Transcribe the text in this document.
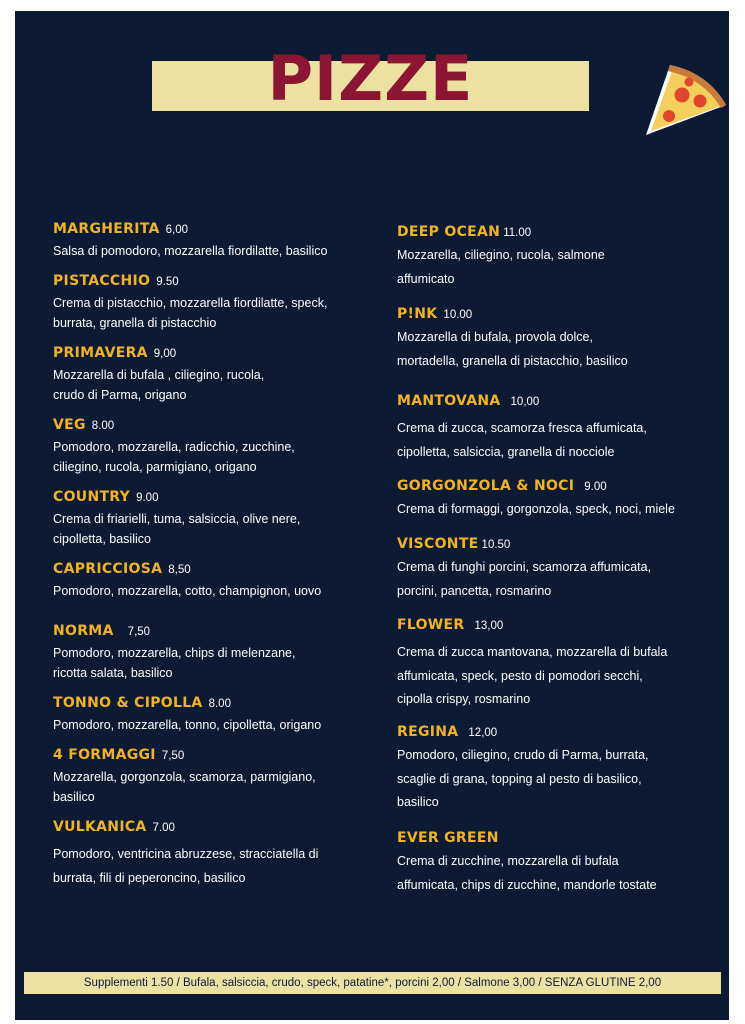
PIZZE
MARGHERITA 6,00
Salsa di pomodoro, mozzarella fiordilatte, basilico
PISTACCHIO 9.50
Crema di pistacchio, mozzarella fiordilatte, speck,
burrata, granella di pistacchio
PRIMAVERA 9,00
Mozzarella di bufala , ciliegino, rucola,
crudo di Parma, origano
VEG 8.00
Pomodoro, mozzarella, radicchio, zucchine,
ciliegino, rucola, parmigiano, origano
COUNTRY 9.00
Crema di friarielli, tuma, salsiccia, olive nere,
cipolletta, basilico
CAPRICCIOSA 8,50
Pomodoro, mozzarella, cotto, champignon, uovo
NORMA 7,50
Pomodoro, mozzarella, chips di melenzane,
ricotta salata, basilico
TONNO & CIPOLLA 8.00
Pomodoro, mozzarella, tonno, cipolletta, origano
4 FORMAGGI 7,50
Mozzarella, gorgonzola, scamorza, parmigiano,
basilico
VULKANICA 7.00
Pomodoro, ventricina abruzzese, stracciatella di
burrata, fili di peperoncino, basilico
DEEP OCEAN 11.00
Mozzarella, ciliegino, rucola, salmone
affumicato
P!NK 10.00
Mozzarella di bufala, provola dolce,
mortadella, granella di pistacchio, basilico
MANTOVANA 10,00
Crema di zucca, scamorza fresca affumicata,
cipolletta, salsiccia, granella di nocciole
GORGONZOLA & NOCI 9.00
Crema di formaggi, gorgonzola, speck, noci, miele
VISCONTE 10.50
Crema di funghi porcini, scamorza affumicata,
porcini, pancetta, rosmarino
FLOWER 13,00
Crema di zucca mantovana, mozzarella di bufala
affumicata, speck, pesto di pomodori secchi,
cipolla crispy, rosmarino
REGINA 12,00
Pomodoro, ciliegino, crudo di Parma, burrata,
scaglie di grana, topping al pesto di basilico,
basilico
EVER GREEN
Crema di zucchine, mozzarella di bufala
affumicata, chips di zucchine, mandorle tostate
Supplementi 1.50 / Bufala, salsiccia, crudo, speck, patatine*, porcini 2,00 / Salmone 3,00 / SENZA GLUTINE 2,00
